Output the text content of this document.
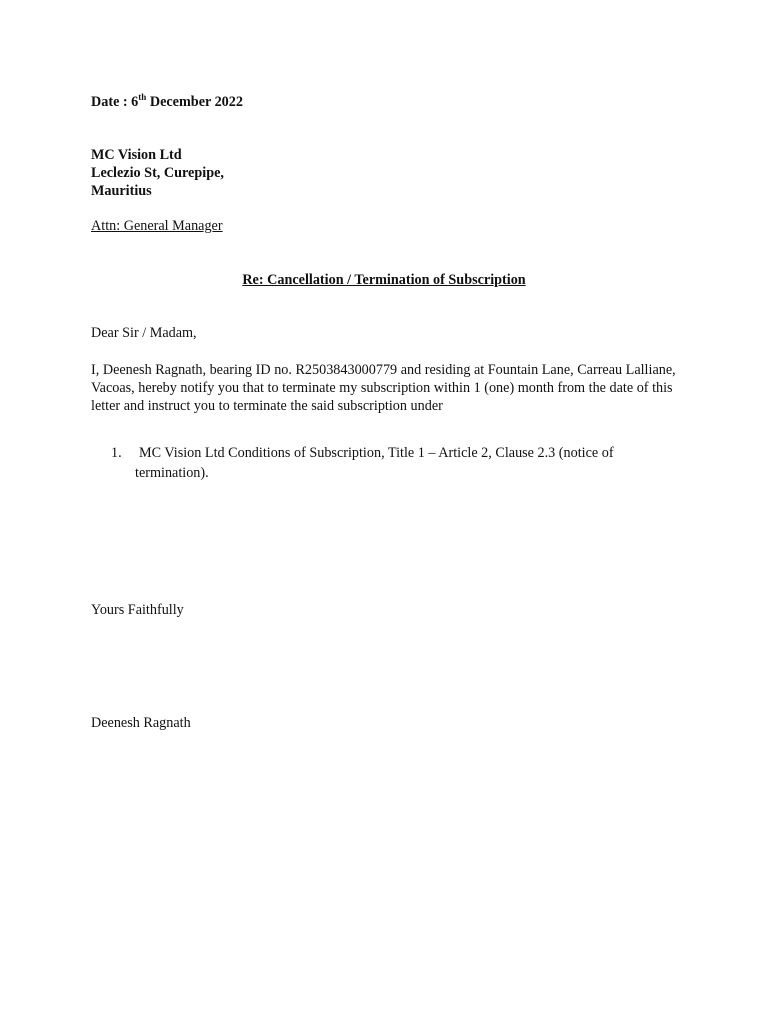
Date : 6th December 2022
MC Vision Ltd
Leclezio St, Curepipe,
Mauritius
Attn: General Manager
Re: Cancellation / Termination of Subscription
Dear Sir / Madam,
I, Deenesh Ragnath, bearing ID no. R2503843000779 and residing at Fountain Lane, Carreau Lalliane, Vacoas, hereby notify you that to terminate my subscription within 1 (one) month from the date of this letter and instruct you to terminate the said subscription under
1. MC Vision Ltd Conditions of Subscription, Title 1 – Article 2, Clause 2.3 (notice of termination).
Yours Faithfully
Deenesh Ragnath
